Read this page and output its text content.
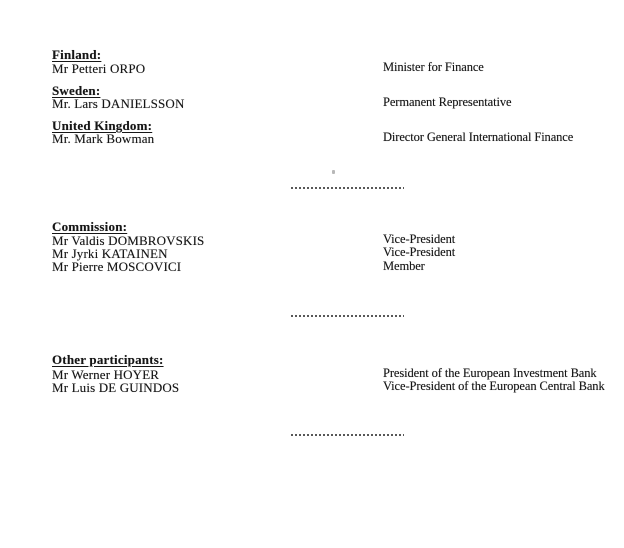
Finland:
Mr Petteri ORPO	Minister for Finance
Sweden:
Mr. Lars DANIELSSON	Permanent Representative
United Kingdom:
Mr. Mark Bowman	Director General International Finance
Commission:
Mr Valdis DOMBROVSKIS	Vice-President
Mr Jyrki KATAINEN	Vice-President
Mr Pierre MOSCOVICI	Member
Other participants:
Mr Werner HOYER	President of the European Investment Bank
Mr Luis DE GUINDOS	Vice-President of the European Central Bank
